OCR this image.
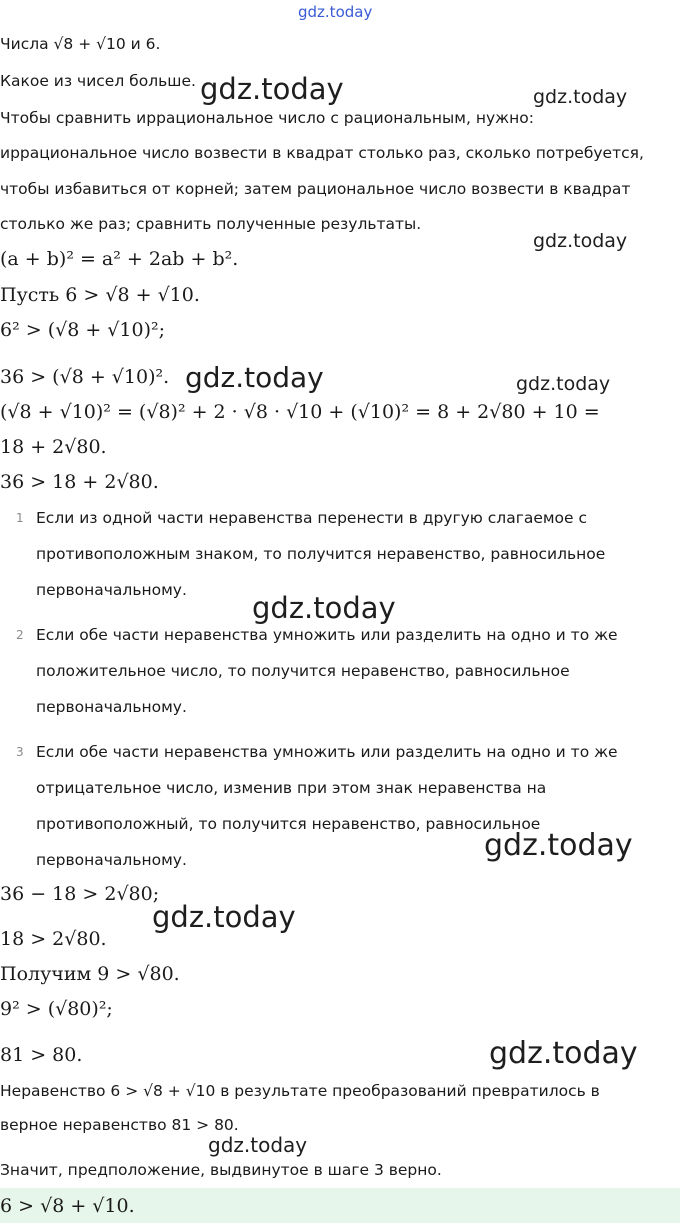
Числа √8 + √10 и 6.
Какое из чисел больше.
Чтобы сравнить иррациональное число с рациональным, нужно:
иррациональное число возвести в квадрат столько раз, сколько потребуется,
чтобы избавиться от корней; затем рациональное число возвести в квадрат
столько же раз; сравнить полученные результаты.
(a + b)² = a² + 2ab + b².
Пусть 6 > √8 + √10.
6² > (√8 + √10)²;
36 > (√8 + √10)².
(√8 + √10)² = (√8)² + 2 · √8 · √10 + (√10)² = 8 + 2√80 + 10 =
18 + 2√80.
36 > 18 + 2√80.
1 Если из одной части неравенства перенести в другую слагаемое с
противоположным знаком, то получится неравенство, равносильное
первоначальному.
2 Если обе части неравенства умножить или разделить на одно и то же
положительное число, то получится неравенство, равносильное
первоначальному.
3 Если обе части неравенства умножить или разделить на одно и то же
отрицательное число, изменив при этом знак неравенства на
противоположный, то получится неравенство, равносильное
первоначальному.
36 − 18 > 2√80;
18 > 2√80.
Получим 9 > √80.
9² > (√80)²;
81 > 80.
Неравенство 6 > √8 + √10 в результате преобразований превратилось в
верное неравенство 81 > 80.
Значит, предположение, выдвинутое в шаге 3 верно.
6 > √8 + √10.
gdz.today
gdz.today	gdz.today
gdz.today
gdz.today	gdz.today
gdz.today
gdz.today
gdz.today
gdz.today
gdz.today
